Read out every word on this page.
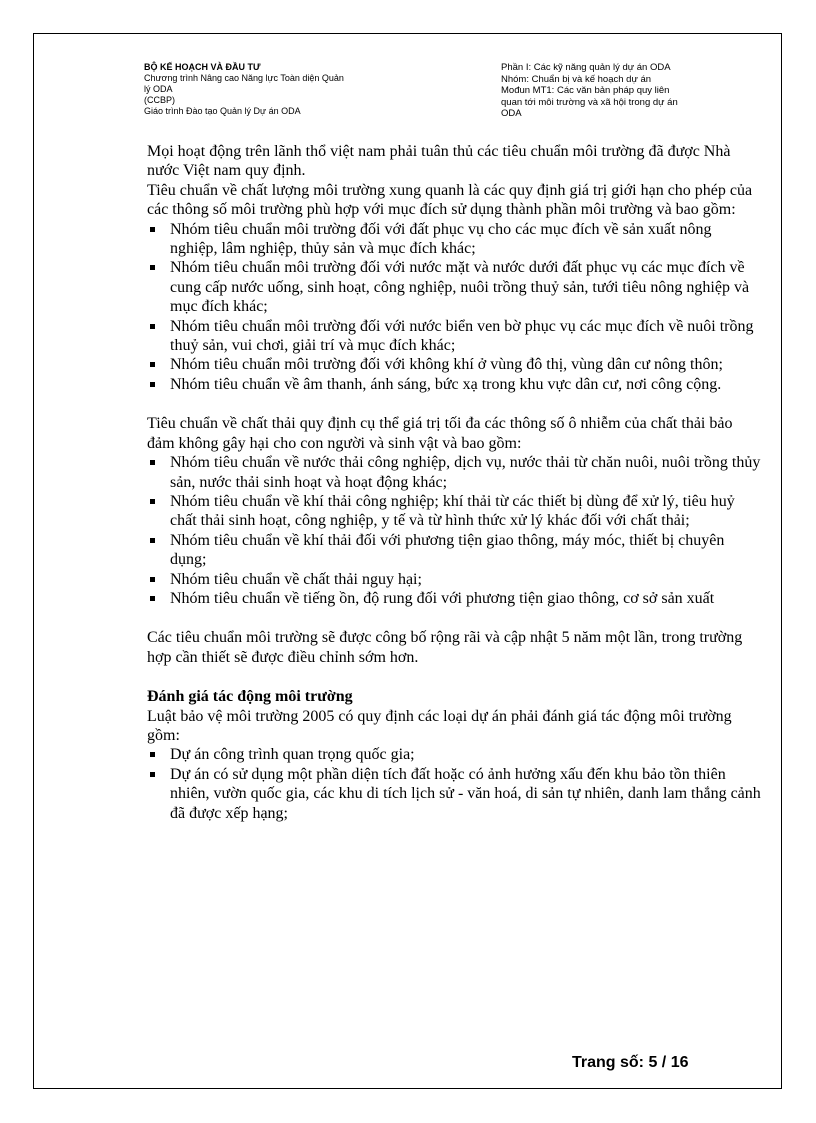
BỘ KẾ HOẠCH VÀ ĐẦU TƯ
Chương trình Nâng cao Năng lực Toàn diện Quản lý ODA
(CCBP)
Giáo trình Đào tạo Quản lý Dự án ODA
Phần I: Các kỹ năng quản lý dự án ODA
Nhóm: Chuẩn bị và kế hoạch dự án
Mođun MT1: Các văn bản pháp quy liên
quan tới môi trường và xã hội trong dự án
ODA

Mọi hoạt động trên lãnh thổ việt nam phải tuân thủ các tiêu chuẩn môi trường đã được Nhà nước Việt nam quy định.

Tiêu chuẩn về chất lượng môi trường xung quanh là các quy định giá trị giới hạn cho phép của các thông số môi trường phù hợp với mục đích sử dụng thành phần môi trường và bao gồm:

Nhóm tiêu chuẩn môi trường đối với đất phục vụ cho các mục đích về sản xuất nông nghiệp, lâm nghiệp, thủy sản và mục đích khác;
Nhóm tiêu chuẩn môi trường đối với nước mặt và nước dưới đất phục vụ các mục đích về cung cấp nước uống, sinh hoạt, công nghiệp, nuôi trồng thuỷ sản, tưới tiêu nông nghiệp và mục đích khác;
Nhóm tiêu chuẩn môi trường đối với nước biển ven bờ phục vụ các mục đích về nuôi trồng thuỷ sản, vui chơi, giải trí và mục đích khác;
Nhóm tiêu chuẩn môi trường đối với không khí ở vùng đô thị, vùng dân cư nông thôn;
Nhóm tiêu chuẩn về âm thanh, ánh sáng, bức xạ trong khu vực dân cư, nơi công cộng.

Tiêu chuẩn về chất thải quy định cụ thể giá trị tối đa các thông số ô nhiễm của chất thải bảo đảm không gây hại cho con người và sinh vật và bao gồm:

Nhóm tiêu chuẩn về nước thải công nghiệp, dịch vụ, nước thải từ chăn nuôi, nuôi trồng thủy sản, nước thải sinh hoạt và hoạt động khác;
Nhóm tiêu chuẩn về khí thải công nghiệp; khí thải từ các thiết bị dùng để xử lý, tiêu huỷ chất thải sinh hoạt, công nghiệp, y tế và từ hình thức xử lý khác đối với chất thải;
Nhóm tiêu chuẩn về khí thải đối với phương tiện giao thông, máy móc, thiết bị chuyên dụng;
Nhóm tiêu chuẩn về chất thải nguy hại;
Nhóm tiêu chuẩn về tiếng ồn, độ rung đối với phương tiện giao thông, cơ sở sản xuất

Các tiêu chuẩn môi trường sẽ được công bố rộng rãi và cập nhật 5 năm một lần, trong trường hợp cần thiết sẽ được điều chỉnh sớm hơn.

Đánh giá tác động môi trường

Luật bảo vệ môi trường 2005 có quy định các loại dự án phải đánh giá tác động môi trường gồm:

Dự án công trình quan trọng quốc gia;
Dự án có sử dụng một phần diện tích đất hoặc có ảnh hưởng xấu đến khu bảo tồn thiên nhiên, vườn quốc gia, các khu di tích lịch sử - văn hoá, di sản tự nhiên, danh lam thắng cảnh đã được xếp hạng;
Trang số: 5 / 16
